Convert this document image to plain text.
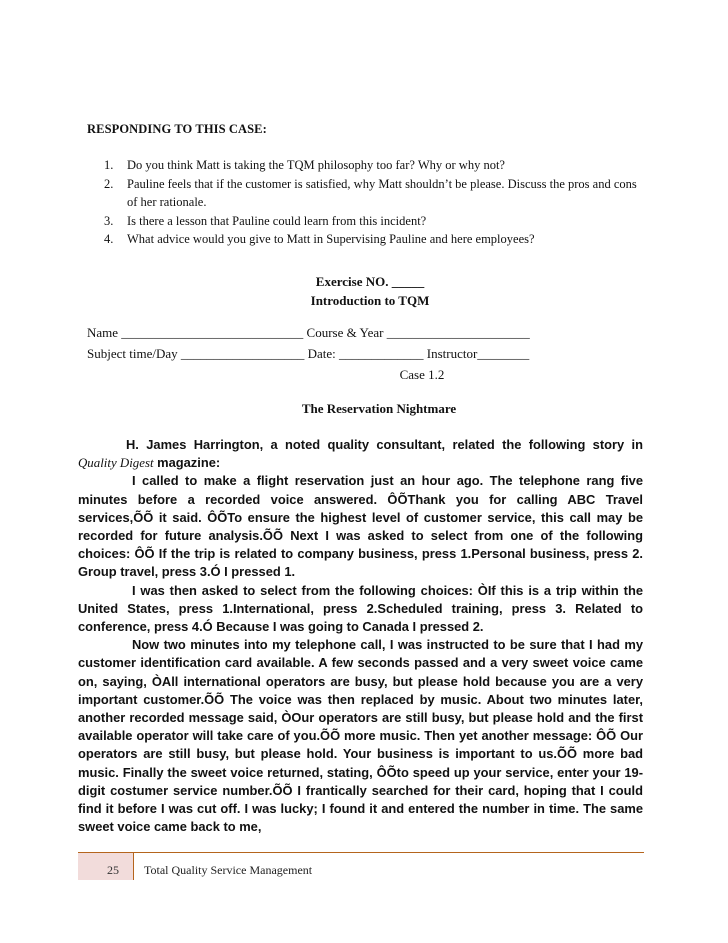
RESPONDING TO THIS CASE:
1. Do you think Matt is taking the TQM philosophy too far? Why or why not?
2. Pauline feels that if the customer is satisfied, why Matt shouldn’t be please. Discuss the pros and cons of her rationale.
3. Is there a lesson that Pauline could learn from this incident?
4. What advice would you give to Matt in Supervising Pauline and here employees?
Exercise NO. _____
Introduction to TQM
Name ____________________________ Course & Year ______________________
Subject time/Day ___________________ Date: _____________ Instructor________
Case 1.2
The Reservation Nightmare

H. James Harrington, a noted quality consultant, related the following story in Quality Digest magazine:

I called to make a flight reservation just an hour ago. The telephone rang five minutes before a recorded voice answered. ÔÕThank you for calling ABC Travel services,ÕÕ it said. ÔÕTo ensure the highest level of customer service, this call may be recorded for future analysis.ÕÕ Next I was asked to select from one of the following choices: ÔÕ If the trip is related to company business, press 1.Personal business, press 2. Group travel, press 3.Ó I pressed 1.

I was then asked to select from the following choices: ÒIf this is a trip within the United States, press 1.International, press 2.Scheduled training, press 3. Related to conference, press 4.Ó Because I was going to Canada I pressed 2.

Now two minutes into my telephone call, I was instructed to be sure that I had my customer identification card available. A few seconds passed and a very sweet voice came on, saying, ÒAll international operators are busy, but please hold because you are a very important customer.ÕÕ The voice was then replaced by music. About two minutes later, another recorded message said, ÒOur operators are still busy, but please hold and the first available operator will take care of you.ÕÕ more music. Then yet another message: ÔÕ Our operators are still busy, but please hold. Your business is important to us.ÕÕ more bad music. Finally the sweet voice returned, stating, ÔÕto speed up your service, enter your 19-digit costumer service number.ÕÕ I frantically searched for their card, hoping that I could find it before I was cut off. I was lucky; I found it and entered the number in time. The same sweet voice came back to me,

25 Total Quality Service Management
